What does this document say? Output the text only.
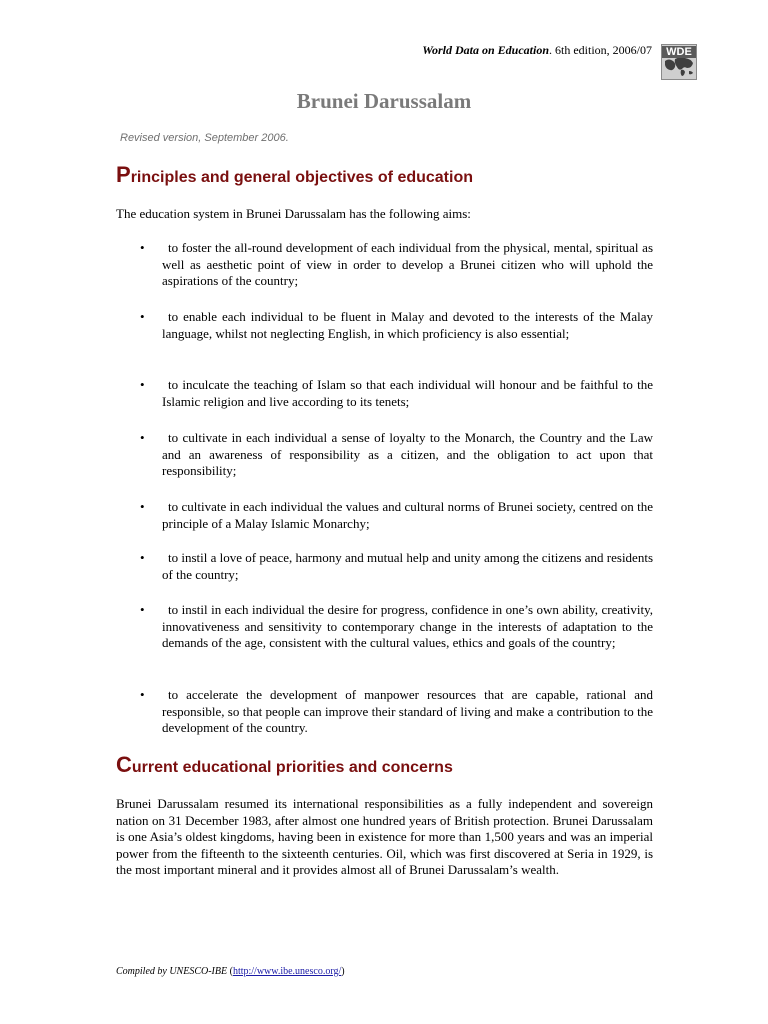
World Data on Education. 6th edition, 2006/07	WDE
Brunei Darussalam
Revised version, September 2006.
Principles and general objectives of education
The education system in Brunei Darussalam has the following aims:
•	to foster the all-round development of each individual from the physical, mental, spiritual as well as aesthetic point of view in order to develop a Brunei citizen who will uphold the aspirations of the country;
•	to enable each individual to be fluent in Malay and devoted to the interests of the Malay language, whilst not neglecting English, in which proficiency is also essential;
•	to inculcate the teaching of Islam so that each individual will honour and be faithful to the Islamic religion and live according to its tenets;
•	to cultivate in each individual a sense of loyalty to the Monarch, the Country and the Law and an awareness of responsibility as a citizen, and the obligation to act upon that responsibility;
•	to cultivate in each individual the values and cultural norms of Brunei society, centred on the principle of a Malay Islamic Monarchy;
•	to instil a love of peace, harmony and mutual help and unity among the citizens and residents of the country;
•	to instil in each individual the desire for progress, confidence in one’s own ability, creativity, innovativeness and sensitivity to contemporary change in the interests of adaptation to the demands of the age, consistent with the cultural values, ethics and goals of the country;
•	to accelerate the development of manpower resources that are capable, rational and responsible, so that people can improve their standard of living and make a contribution to the development of the country.
Current educational priorities and concerns
Brunei Darussalam resumed its international responsibilities as a fully independent and sovereign nation on 31 December 1983, after almost one hundred years of British protection. Brunei Darussalam is one Asia’s oldest kingdoms, having been in existence for more than 1,500 years and was an imperial power from the fifteenth to the sixteenth centuries. Oil, which was first discovered at Seria in 1929, is the most important mineral and it provides almost all of Brunei Darussalam’s wealth.
Compiled by UNESCO-IBE (http://www.ibe.unesco.org/)
